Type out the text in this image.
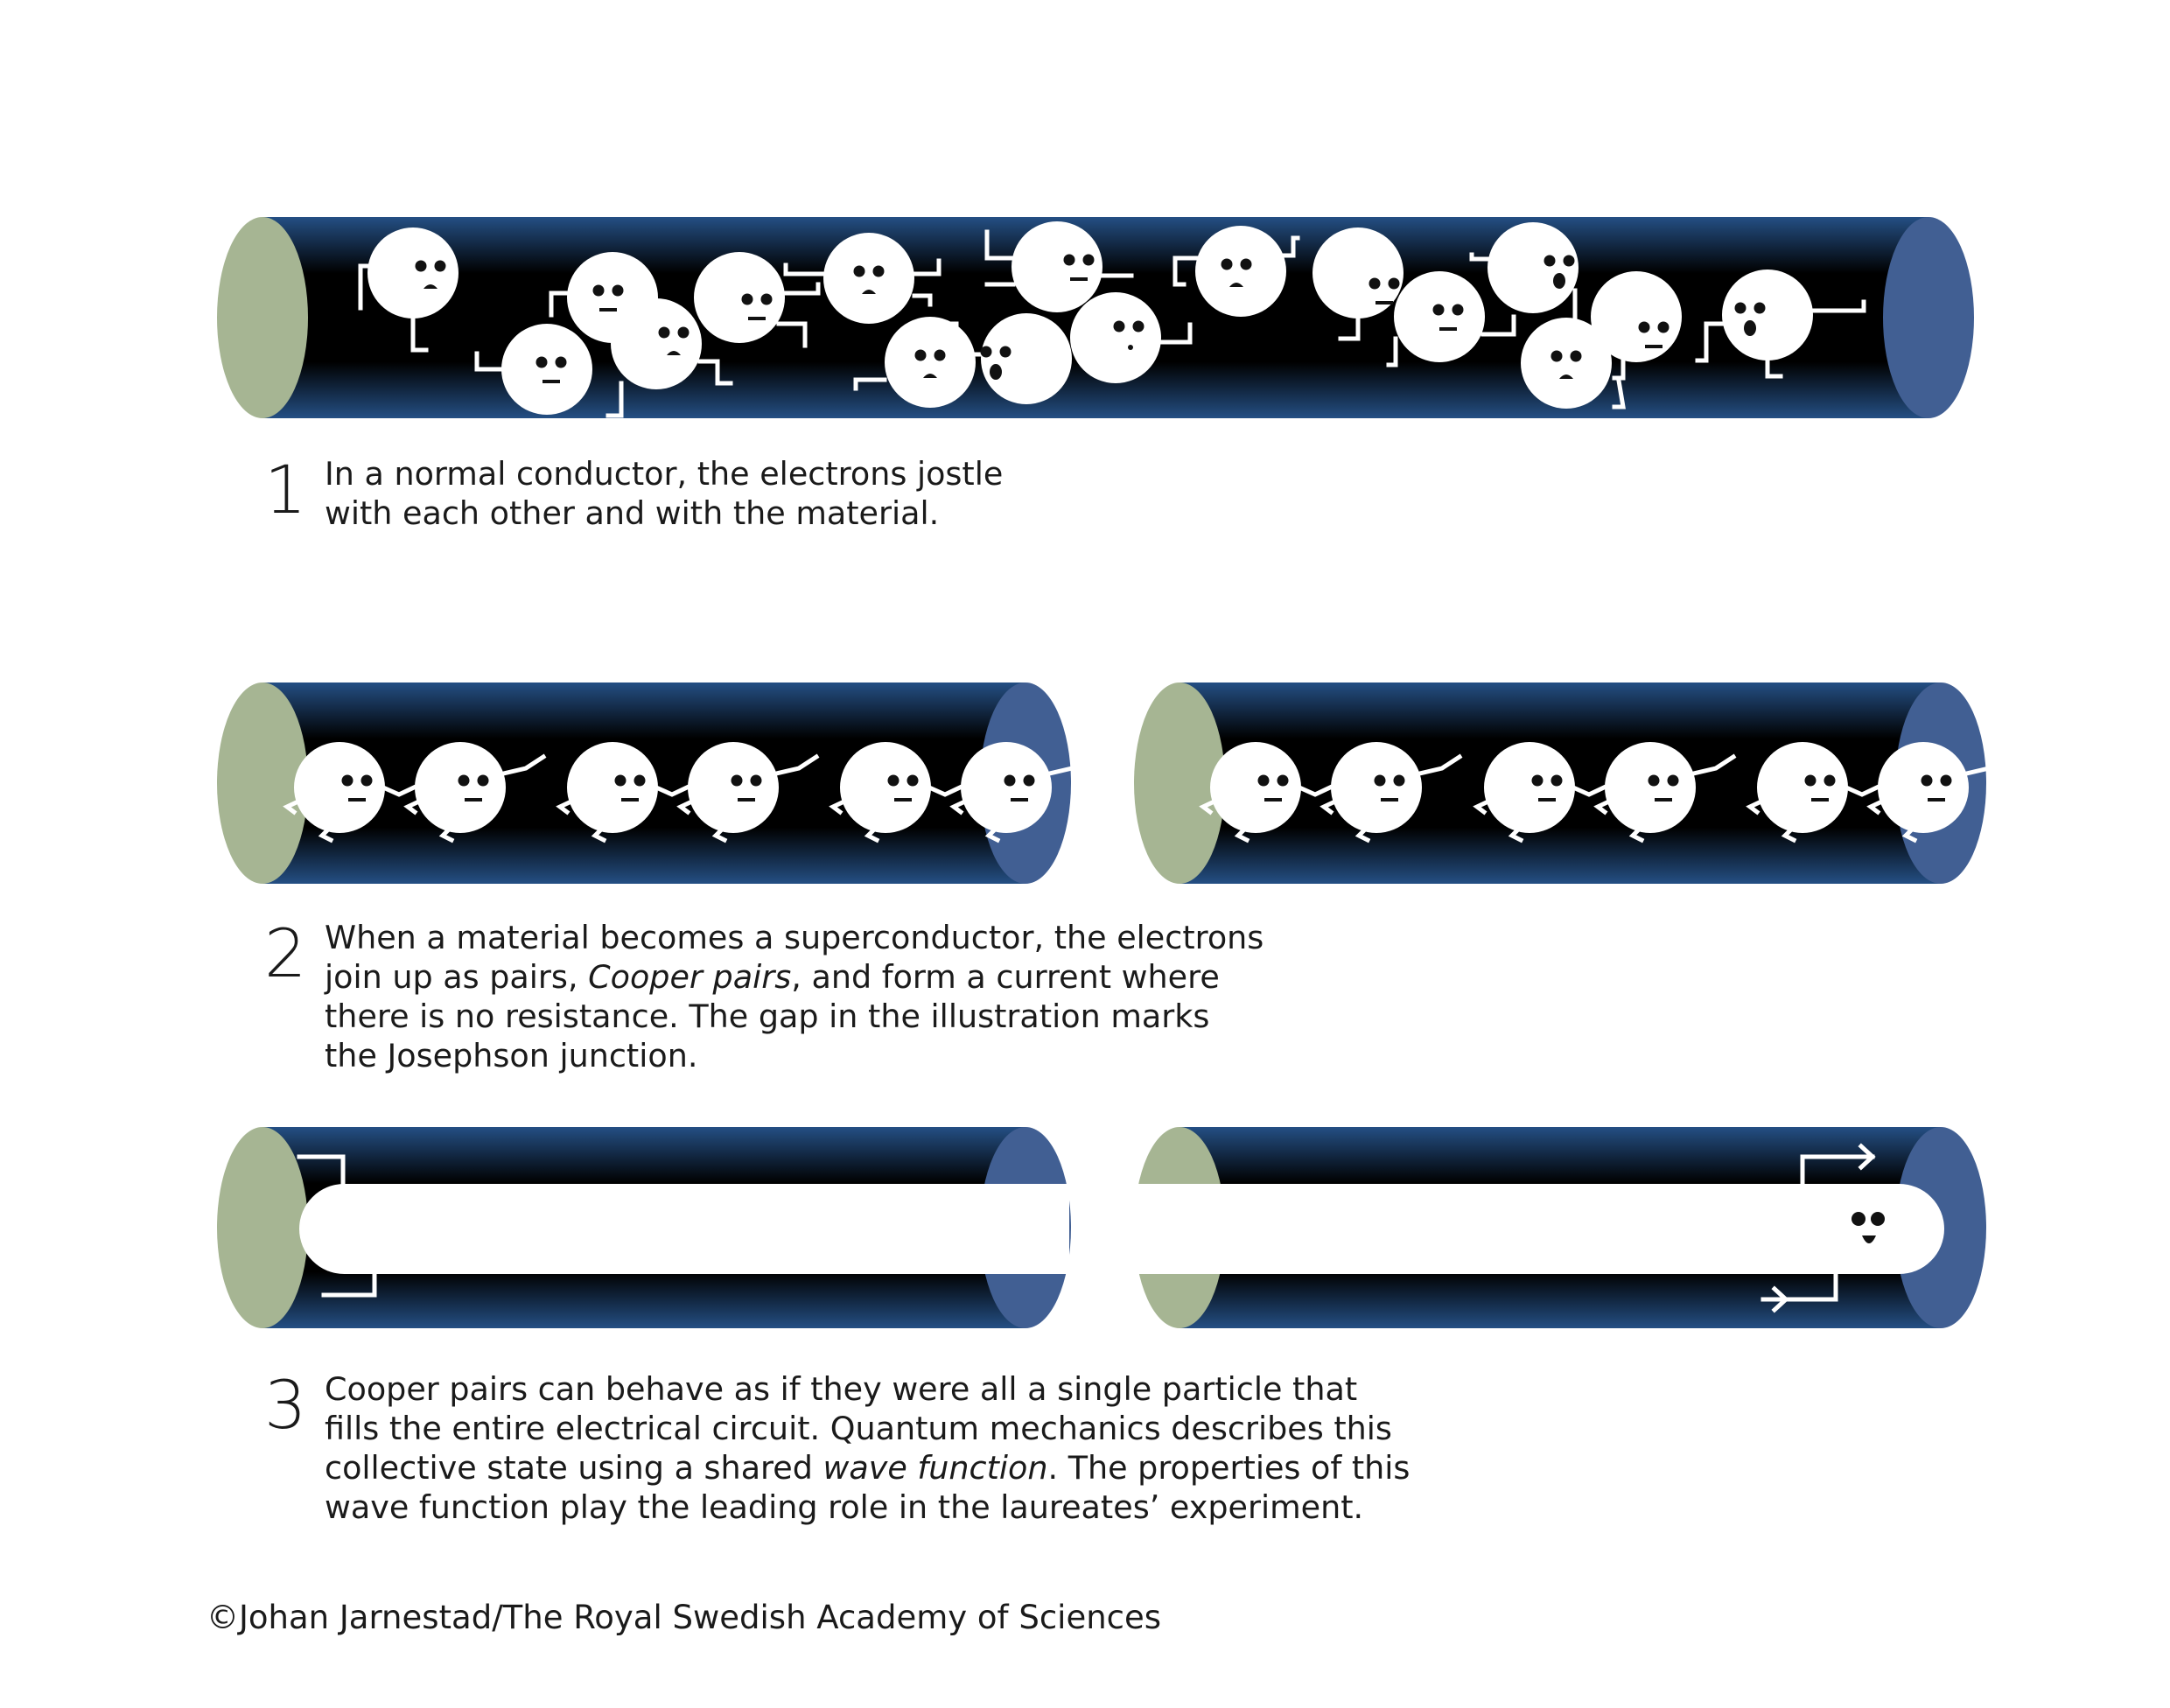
1 In a normal conductor, the electrons jostle
with each other and with the material.
2 When a material becomes a superconductor, the electrons
join up as pairs, Cooper pairs, and form a current where
there is no resistance. The gap in the illustration marks
the Josephson junction.
3 Cooper pairs can behave as if they were all a single particle that
fills the entire electrical circuit. Quantum mechanics describes this
collective state using a shared wave function. The properties of this
wave function play the leading role in the laureates’ experiment.
©Johan Jarnestad/The Royal Swedish Academy of Sciences
